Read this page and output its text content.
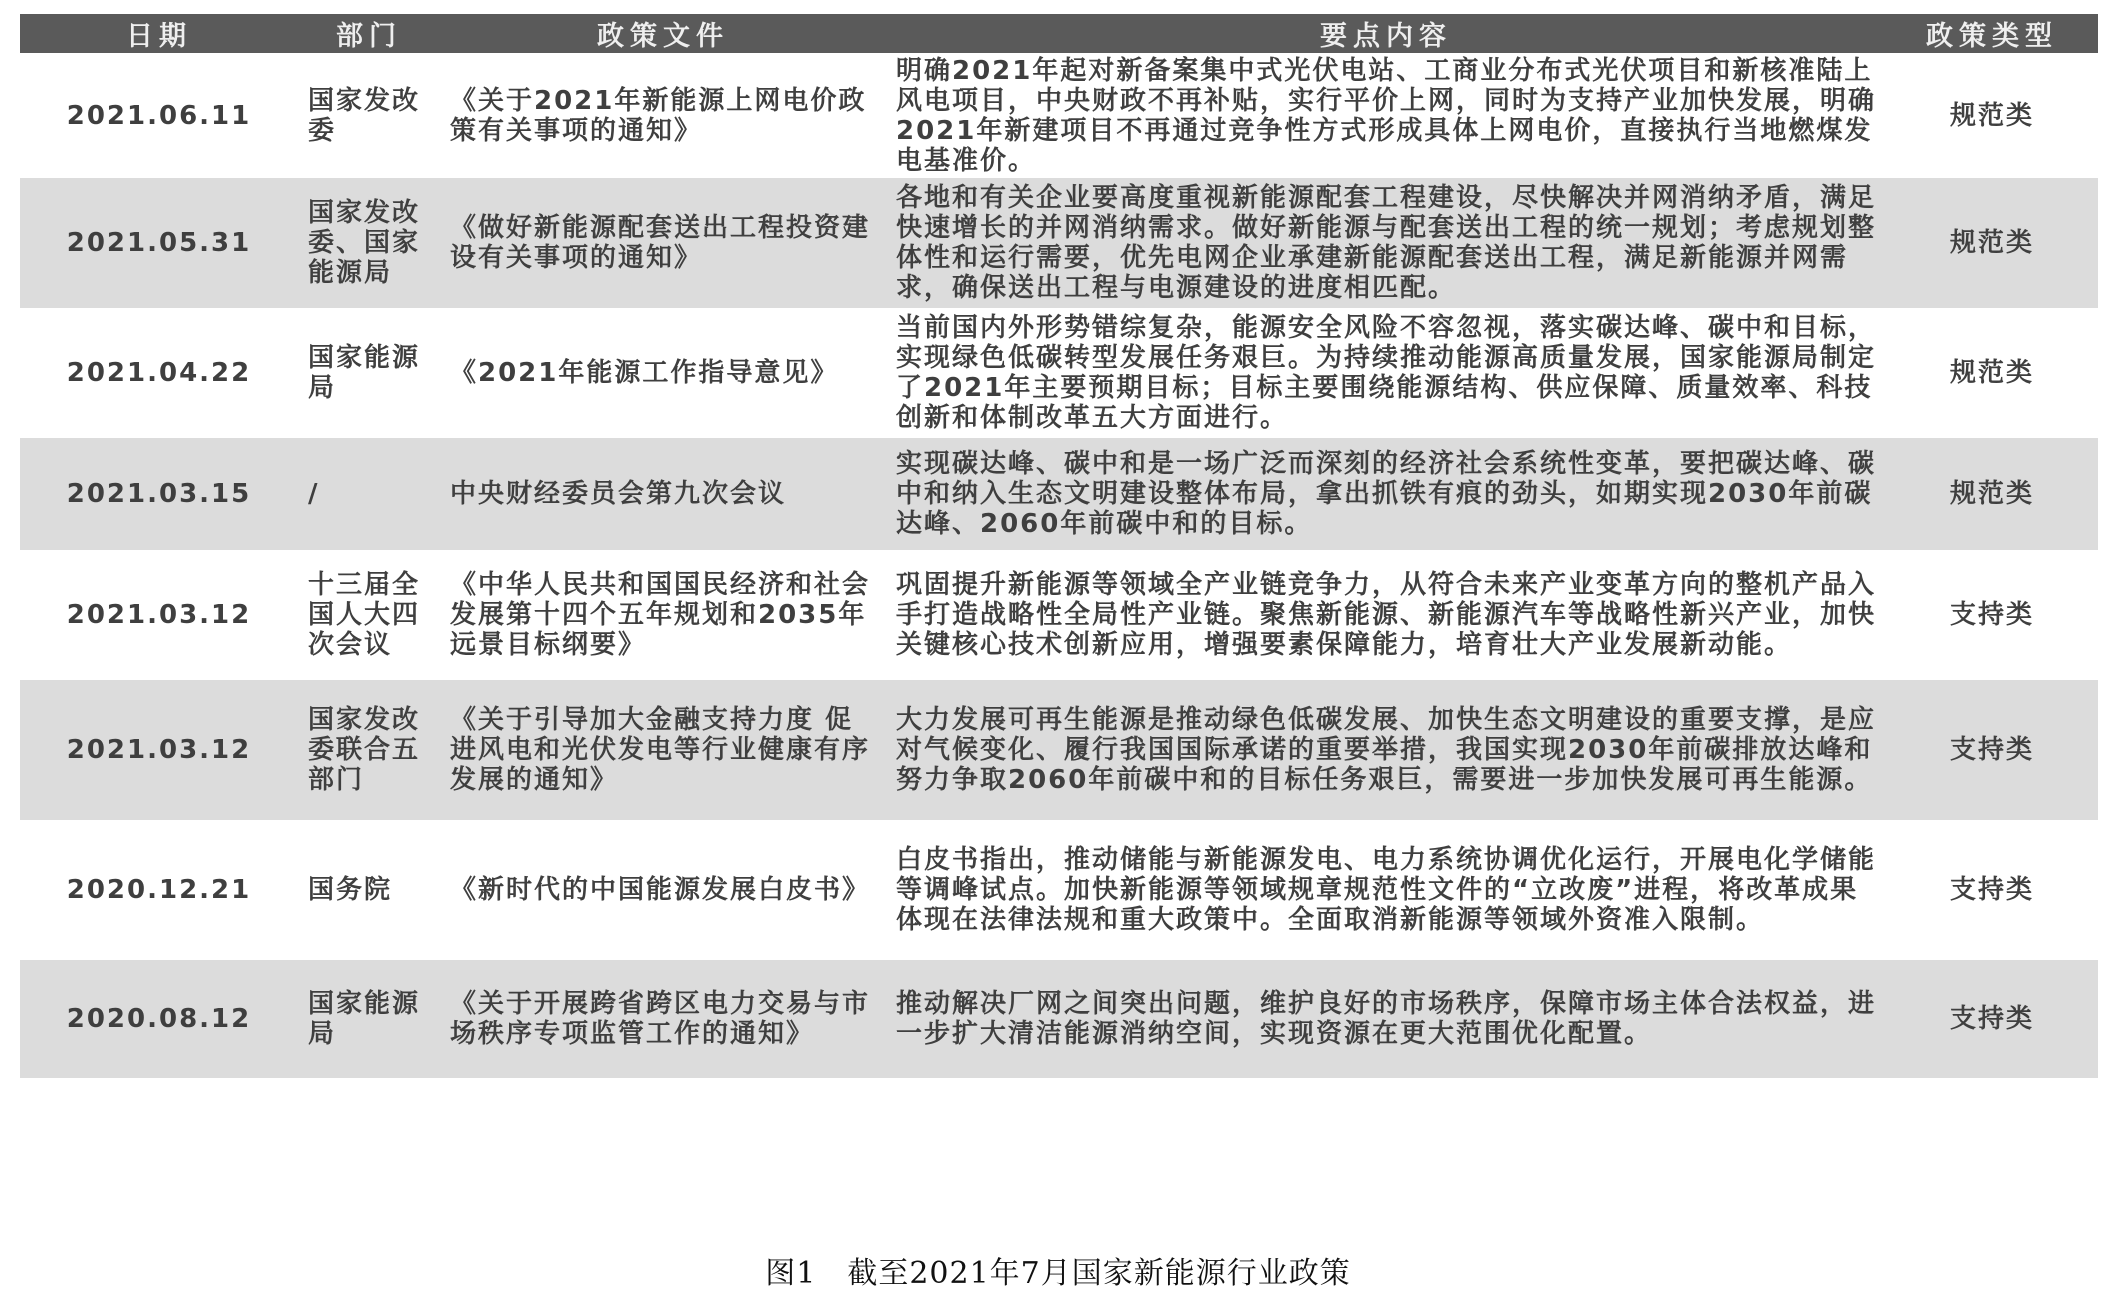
日期	部门	政策文件	要点内容	政策类型
2021.06.11	国家发改委	《关于2021年新能源上网电价政策有关事项的通知》	明确2021年起对新备案集中式光伏电站、工商业分布式光伏项目和新核准陆上风电项目，中央财政不再补贴，实行平价上网，同时为支持产业加快发展，明确2021年新建项目不再通过竞争性方式形成具体上网电价，直接执行当地燃煤发电基准价。	规范类
2021.05.31	国家发改委、国家能源局	《做好新能源配套送出工程投资建设有关事项的通知》	各地和有关企业要高度重视新能源配套工程建设，尽快解决并网消纳矛盾，满足快速增长的并网消纳需求。做好新能源与配套送出工程的统一规划；考虑规划整体性和运行需要，优先电网企业承建新能源配套送出工程，满足新能源并网需求，确保送出工程与电源建设的进度相匹配。	规范类
2021.04.22	国家能源局	《2021年能源工作指导意见》	当前国内外形势错综复杂，能源安全风险不容忽视，落实碳达峰、碳中和目标，实现绿色低碳转型发展任务艰巨。为持续推动能源高质量发展，国家能源局制定了2021年主要预期目标；目标主要围绕能源结构、供应保障、质量效率、科技创新和体制改革五大方面进行。	规范类
2021.03.15	/	中央财经委员会第九次会议	实现碳达峰、碳中和是一场广泛而深刻的经济社会系统性变革，要把碳达峰、碳中和纳入生态文明建设整体布局，拿出抓铁有痕的劲头，如期实现2030年前碳达峰、2060年前碳中和的目标。	规范类
2021.03.12	十三届全国人大四次会议	《中华人民共和国国民经济和社会发展第十四个五年规划和2035年远景目标纲要》	巩固提升新能源等领域全产业链竞争力，从符合未来产业变革方向的整机产品入手打造战略性全局性产业链。聚焦新能源、新能源汽车等战略性新兴产业，加快关键核心技术创新应用，增强要素保障能力，培育壮大产业发展新动能。	支持类
2021.03.12	国家发改委联合五部门	《关于引导加大金融支持力度 促进风电和光伏发电等行业健康有序发展的通知》	大力发展可再生能源是推动绿色低碳发展、加快生态文明建设的重要支撑，是应对气候变化、履行我国国际承诺的重要举措，我国实现2030年前碳排放达峰和努力争取2060年前碳中和的目标任务艰巨，需要进一步加快发展可再生能源。	支持类
2020.12.21	国务院	《新时代的中国能源发展白皮书》	白皮书指出，推动储能与新能源发电、电力系统协调优化运行，开展电化学储能等调峰试点。加快新能源等领域规章规范性文件的“立改废”进程，将改革成果体现在法律法规和重大政策中。全面取消新能源等领域外资准入限制。	支持类
2020.08.12	国家能源局	《关于开展跨省跨区电力交易与市场秩序专项监管工作的通知》	推动解决厂网之间突出问题，维护良好的市场秩序，保障市场主体合法权益，进一步扩大清洁能源消纳空间，实现资源在更大范围优化配置。	支持类
图1　截至2021年7月国家新能源行业政策
